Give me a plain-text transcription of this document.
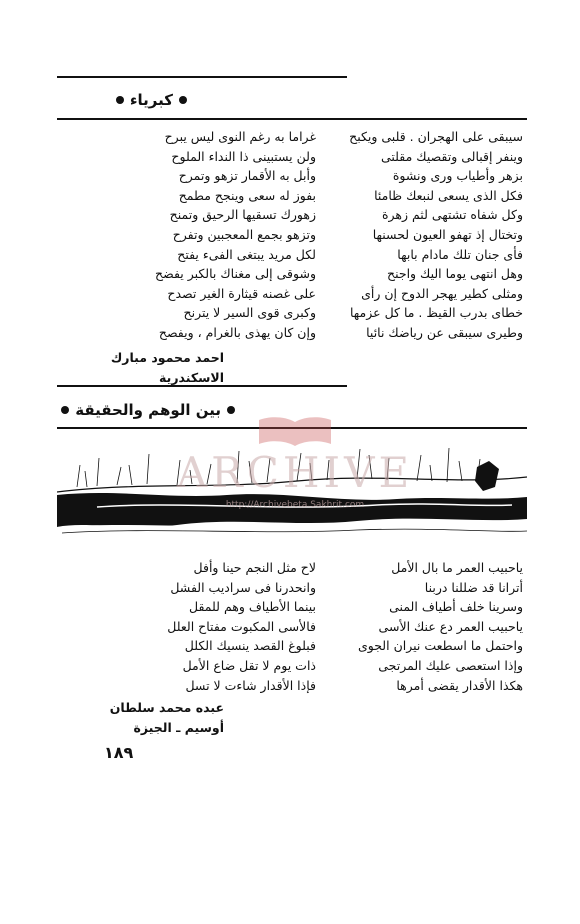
كبرياء
سيبقى على الهجران . قلبى ويكبح
وينفر إقبالى وتقصيك مقلتى
بزهر وأطياب ورى ونشوة
فكل الذى يسعى لنبعك ظامئا
وكل شفاه تشتهى لثم زهرة
وتختال إذ تهفو العيون لحسنها
فأى جنان تلك مادام بابها
وهل انتهى يوما اليك واجنح
ومثلى كطير يهجر الدوح إن رأى
خطاى بدرب القيظ . ما كل عزمها
وطيرى سيبقى عن رياضك نائيا
غراما به رغم النوى ليس يبرح
ولن يستبينى ذا النداء الملوح
وأبل به الأقمار تزهو وتمرح
بفوز له سعى وينجح مطمح
زهورك تسقيها الرحيق وتمنح
وتزهو بجمع المعجبين وتفرح
لكل مريد يبتغى الفىء يفتح
وشوقى إلى مغناك بالكبر يفضح
على غصنه قيثارة الغير تصدح
وكبرى قوى السير لا يترنح
وإن كان يهذى بالغرام ، ويفصح
احمد محمود مبارك
الاسكندرية
بين الوهم والحقيقة
ARCHIVE
http://Archivebeta.Sakhrit.com
ياحبيب العمر ما بال الأمل
أترانا قد ضللنا دربنا
وسرينا خلف أطياف المنى
ياحبيب العمر دع عنك الأسى
واحتمل ما اسطعت نيران الجوى
وإذا استعصى عليك المرتجى
هكذا الأقدار يقضى أمرها
لاح مثل النجم حينا وأفل
وانحدرنا فى سراديب الفشل
بينما الأطياف وهم للمقل
فالأسى المكبوت مفتاح العلل
فبلوغ القصد ينسيك الكلل
ذات يوم لا تقل ضاع الأمل
فإذا الأقدار شاءت لا تسل
عبده محمد سلطان
أوسيم ـ الجيزة
١٨٩
